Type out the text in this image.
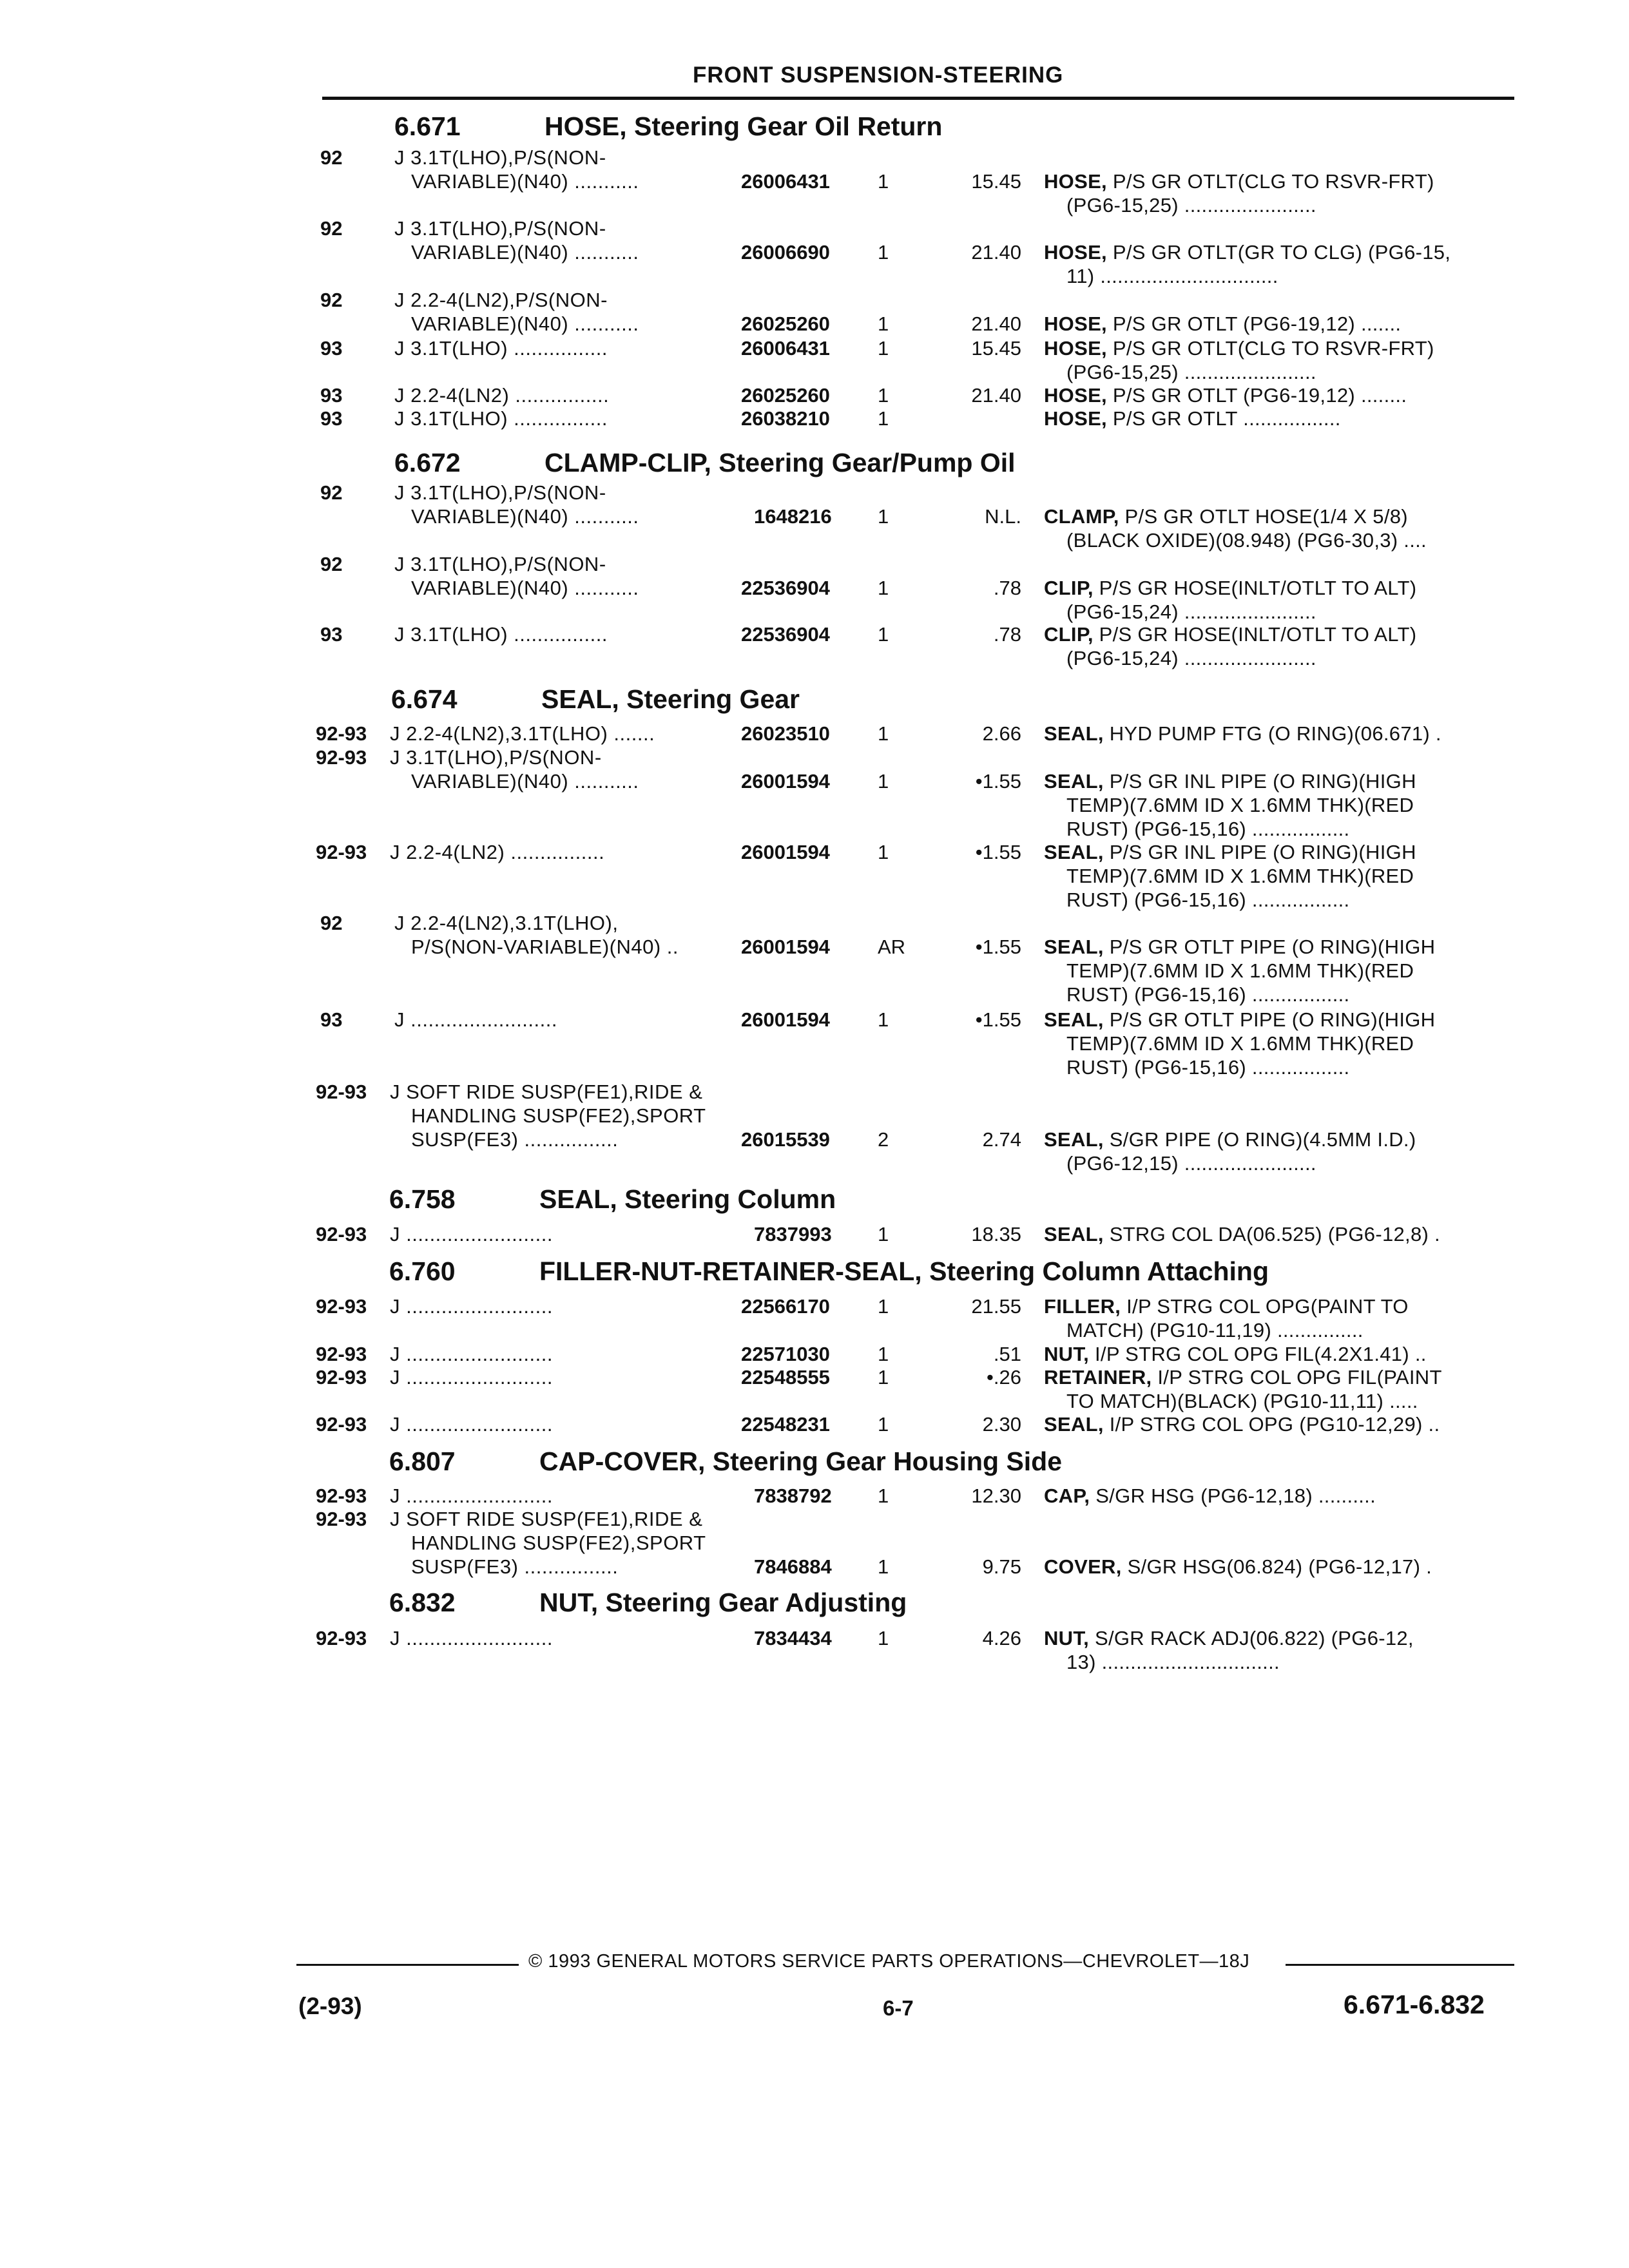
FRONT SUSPENSION-STEERING
6.671	HOSE, Steering Gear Oil Return
6.672	CLAMP-CLIP, Steering Gear/Pump Oil
6.674	SEAL, Steering Gear
6.758	SEAL, Steering Column
6.760	FILLER-NUT-RETAINER-SEAL, Steering Column Attaching
6.807	CAP-COVER, Steering Gear Housing Side
6.832	NUT, Steering Gear Adjusting
92	J 3.1T(LHO),P/S(NON-
VARIABLE)(N40) ...........	26006431 1	15.45 HOSE, P/S GR OTLT(CLG TO RSVR-FRT)
(PG6-15,25) .......................
92	J 3.1T(LHO),P/S(NON-
VARIABLE)(N40) ...........	26006690 1	21.40 HOSE, P/S GR OTLT(GR TO CLG) (PG6-15,
11) ...............................
92	J 2.2-4(LN2),P/S(NON-
VARIABLE)(N40) ...........	26025260 1	21.40 HOSE, P/S GR OTLT (PG6-19,12) .......
93	J 3.1T(LHO) ................	26006431 1	15.45 HOSE, P/S GR OTLT(CLG TO RSVR-FRT)
(PG6-15,25) .......................
93	J 2.2-4(LN2) ................	26025260 1	21.40 HOSE, P/S GR OTLT (PG6-19,12) ........
93	J 3.1T(LHO) ................	26038210 1	HOSE, P/S GR OTLT .................
92	J 3.1T(LHO),P/S(NON-
VARIABLE)(N40) ...........	1648216 1	N.L. CLAMP, P/S GR OTLT HOSE(1/4 X 5/8)
(BLACK OXIDE)(08.948) (PG6-30,3) ....
92	J 3.1T(LHO),P/S(NON-
VARIABLE)(N40) ...........	22536904 1	.78 CLIP, P/S GR HOSE(INLT/OTLT TO ALT)
(PG6-15,24) .......................
93	J 3.1T(LHO) ................	22536904 1	.78 CLIP, P/S GR HOSE(INLT/OTLT TO ALT)
(PG6-15,24) .......................
92-93 J 2.2-4(LN2),3.1T(LHO) .......	26023510 1	2.66 SEAL, HYD PUMP FTG (O RING)(06.671) .
92-93 J 3.1T(LHO),P/S(NON-
VARIABLE)(N40) ...........	26001594 1	•1.55 SEAL, P/S GR INL PIPE (O RING)(HIGH
TEMP)(7.6MM ID X 1.6MM THK)(RED
RUST) (PG6-15,16) .................
92-93 J 2.2-4(LN2) ................	26001594 1	•1.55 SEAL, P/S GR INL PIPE (O RING)(HIGH
TEMP)(7.6MM ID X 1.6MM THK)(RED
RUST) (PG6-15,16) .................
92	J 2.2-4(LN2),3.1T(LHO),
P/S(NON-VARIABLE)(N40) ..	26001594 AR	•1.55 SEAL, P/S GR OTLT PIPE (O RING)(HIGH
TEMP)(7.6MM ID X 1.6MM THK)(RED
RUST) (PG6-15,16) .................
93	J .........................	26001594 1	•1.55 SEAL, P/S GR OTLT PIPE (O RING)(HIGH
TEMP)(7.6MM ID X 1.6MM THK)(RED
RUST) (PG6-15,16) .................
92-93 J SOFT RIDE SUSP(FE1),RIDE &
HANDLING SUSP(FE2),SPORT
SUSP(FE3) ................	26015539 2	2.74 SEAL, S/GR PIPE (O RING)(4.5MM I.D.)
(PG6-12,15) .......................
92-93 J .........................	7837993 1	18.35 SEAL, STRG COL DA(06.525) (PG6-12,8) .
92-93 J .........................	22566170 1	21.55 FILLER, I/P STRG COL OPG(PAINT TO
MATCH) (PG10-11,19) ...............
92-93 J .........................	22571030 1	.51 NUT, I/P STRG COL OPG FIL(4.2X1.41) ..
92-93 J .........................	22548555 1	•.26 RETAINER, I/P STRG COL OPG FIL(PAINT
TO MATCH)(BLACK) (PG10-11,11) .....
92-93 J .........................	22548231 1	2.30 SEAL, I/P STRG COL OPG (PG10-12,29) ..
92-93 J .........................	7838792 1	12.30 CAP, S/GR HSG (PG6-12,18) ..........
92-93 J SOFT RIDE SUSP(FE1),RIDE &
HANDLING SUSP(FE2),SPORT
SUSP(FE3) ................	7846884 1	9.75 COVER, S/GR HSG(06.824) (PG6-12,17) .
92-93 J .........................	7834434 1	4.26 NUT, S/GR RACK ADJ(06.822) (PG6-12,
13) ...............................
© 1993 GENERAL MOTORS SERVICE PARTS OPERATIONS—CHEVROLET—18J
(2-93)	6-7	6.671-6.832
